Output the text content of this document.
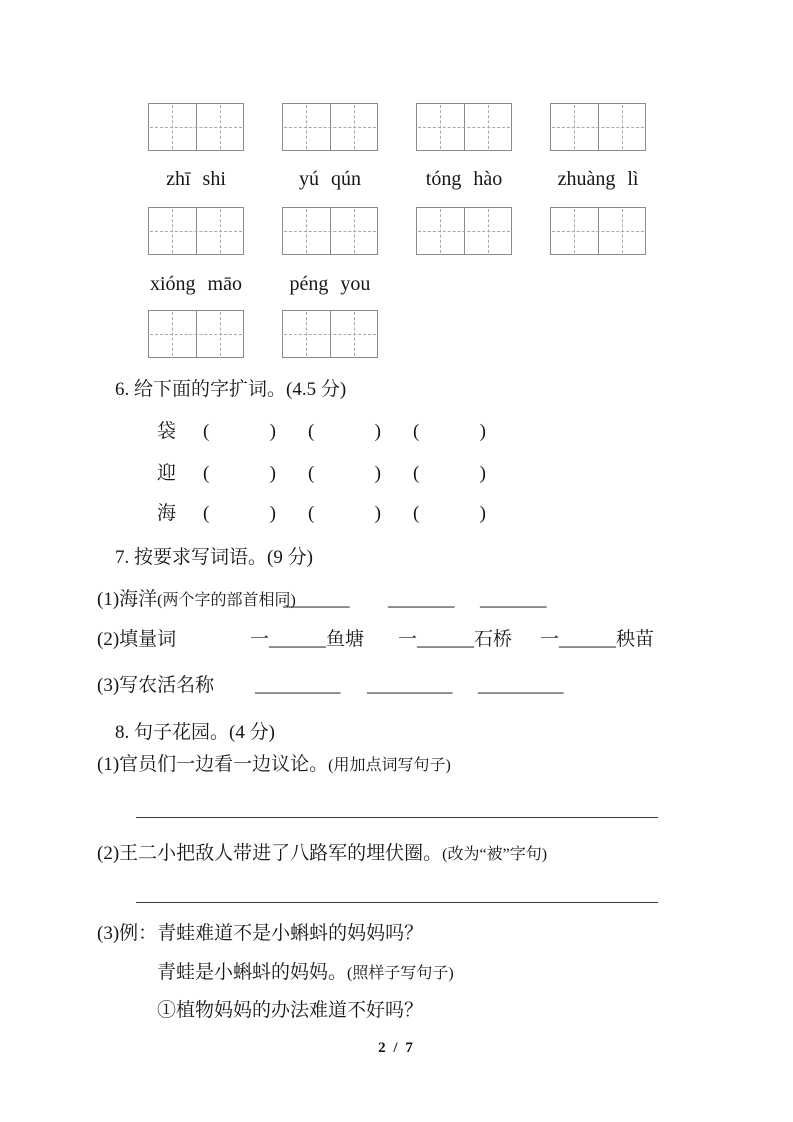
zhī shi	yú qún	tóng hào	zhuàng lì
xióng māo	péng you
6. 给下面的字扩词。(4.5 分)
袋 (	) (	) (	)
迎 (	) (	) (	)
海 (	) (	) (	)
7. 按要求写词语。(9 分)
(1)海洋(两个字的部首相同)
_______ _______ _______
(2)填量词	一______鱼塘 一______石桥 一______秧苗
(3)写农活名称 _________ _________ _________
8. 句子花园。(4 分)
(1)官员们一边看一边议论。(用加点词写句子)
(2)王二小把敌人带进了八路军的埋伏圈。(改为“被”字句)
(3)例：青蛙难道不是小蝌蚪的妈妈吗？
青蛙是小蝌蚪的妈妈。(照样子写句子)
①植物妈妈的办法难道不好吗？
2 / 7
